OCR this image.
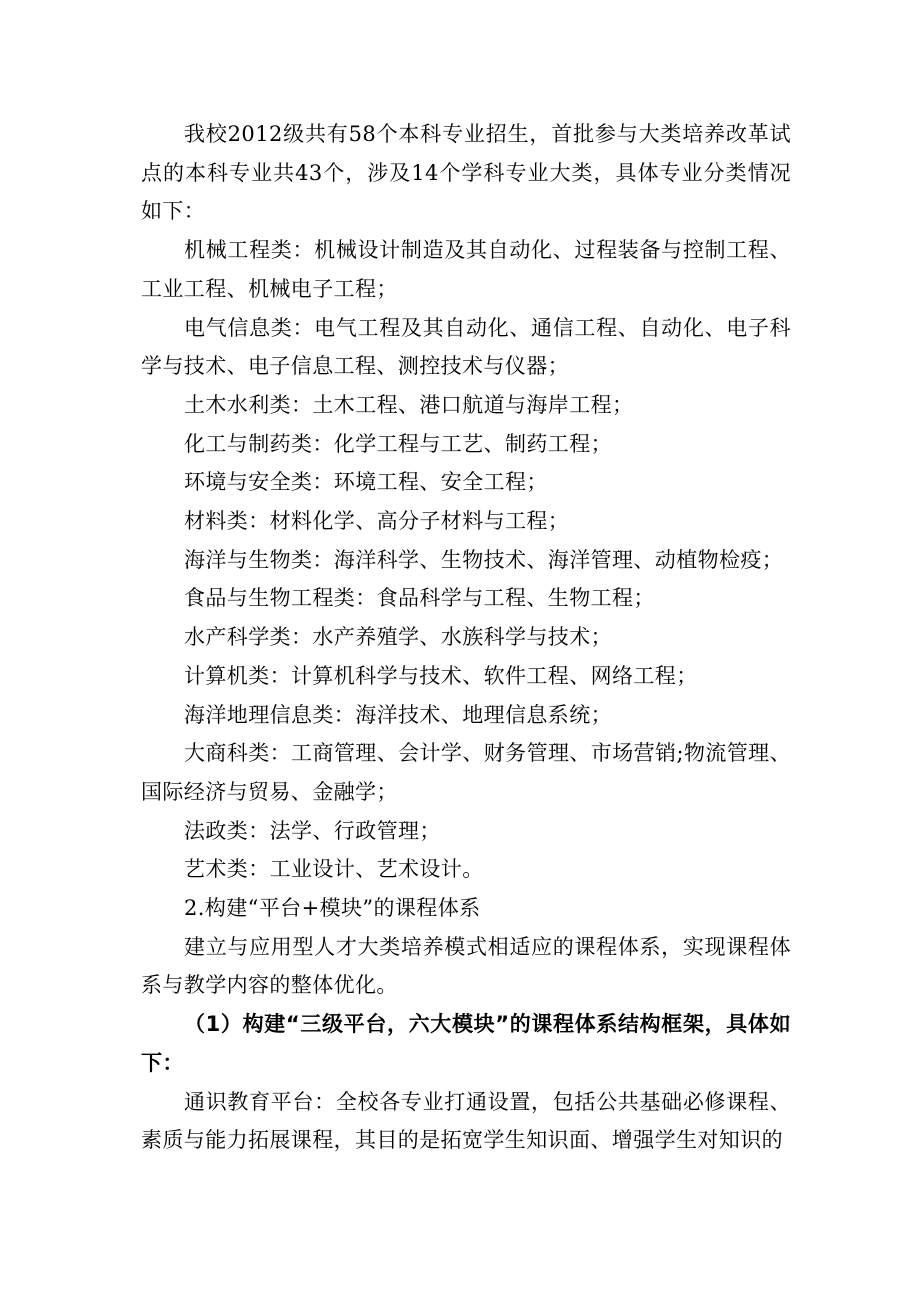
我校2012级共有58个本科专业招生，首批参与大类培养改革试点的本科专业共43个，涉及14个学科专业大类，具体专业分类情况如下：

机械工程类：机械设计制造及其自动化、过程装备与控制工程、工业工程、机械电子工程；

电气信息类：电气工程及其自动化、通信工程、自动化、电子科学与技术、电子信息工程、测控技术与仪器；

土木水利类：土木工程、港口航道与海岸工程；

化工与制药类：化学工程与工艺、制药工程；

环境与安全类：环境工程、安全工程；

材料类：材料化学、高分子材料与工程；

海洋与生物类：海洋科学、生物技术、海洋管理、动植物检疫；

食品与生物工程类：食品科学与工程、生物工程；

水产科学类：水产养殖学、水族科学与技术；

计算机类：计算机科学与技术、软件工程、网络工程；

海洋地理信息类：海洋技术、地理信息系统；

大商科类：工商管理、会计学、财务管理、市场营销;物流管理、国际经济与贸易、金融学；

法政类：法学、行政管理；

艺术类：工业设计、艺术设计。

2.构建“平台+模块”的课程体系

建立与应用型人才大类培养模式相适应的课程体系，实现课程体系与教学内容的整体优化。

（1）构建“三级平台，六大模块”的课程体系结构框架，具体如下：

通识教育平台：全校各专业打通设置，包括公共基础必修课程、素质与能力拓展课程，其目的是拓宽学生知识面、增强学生对知识的
